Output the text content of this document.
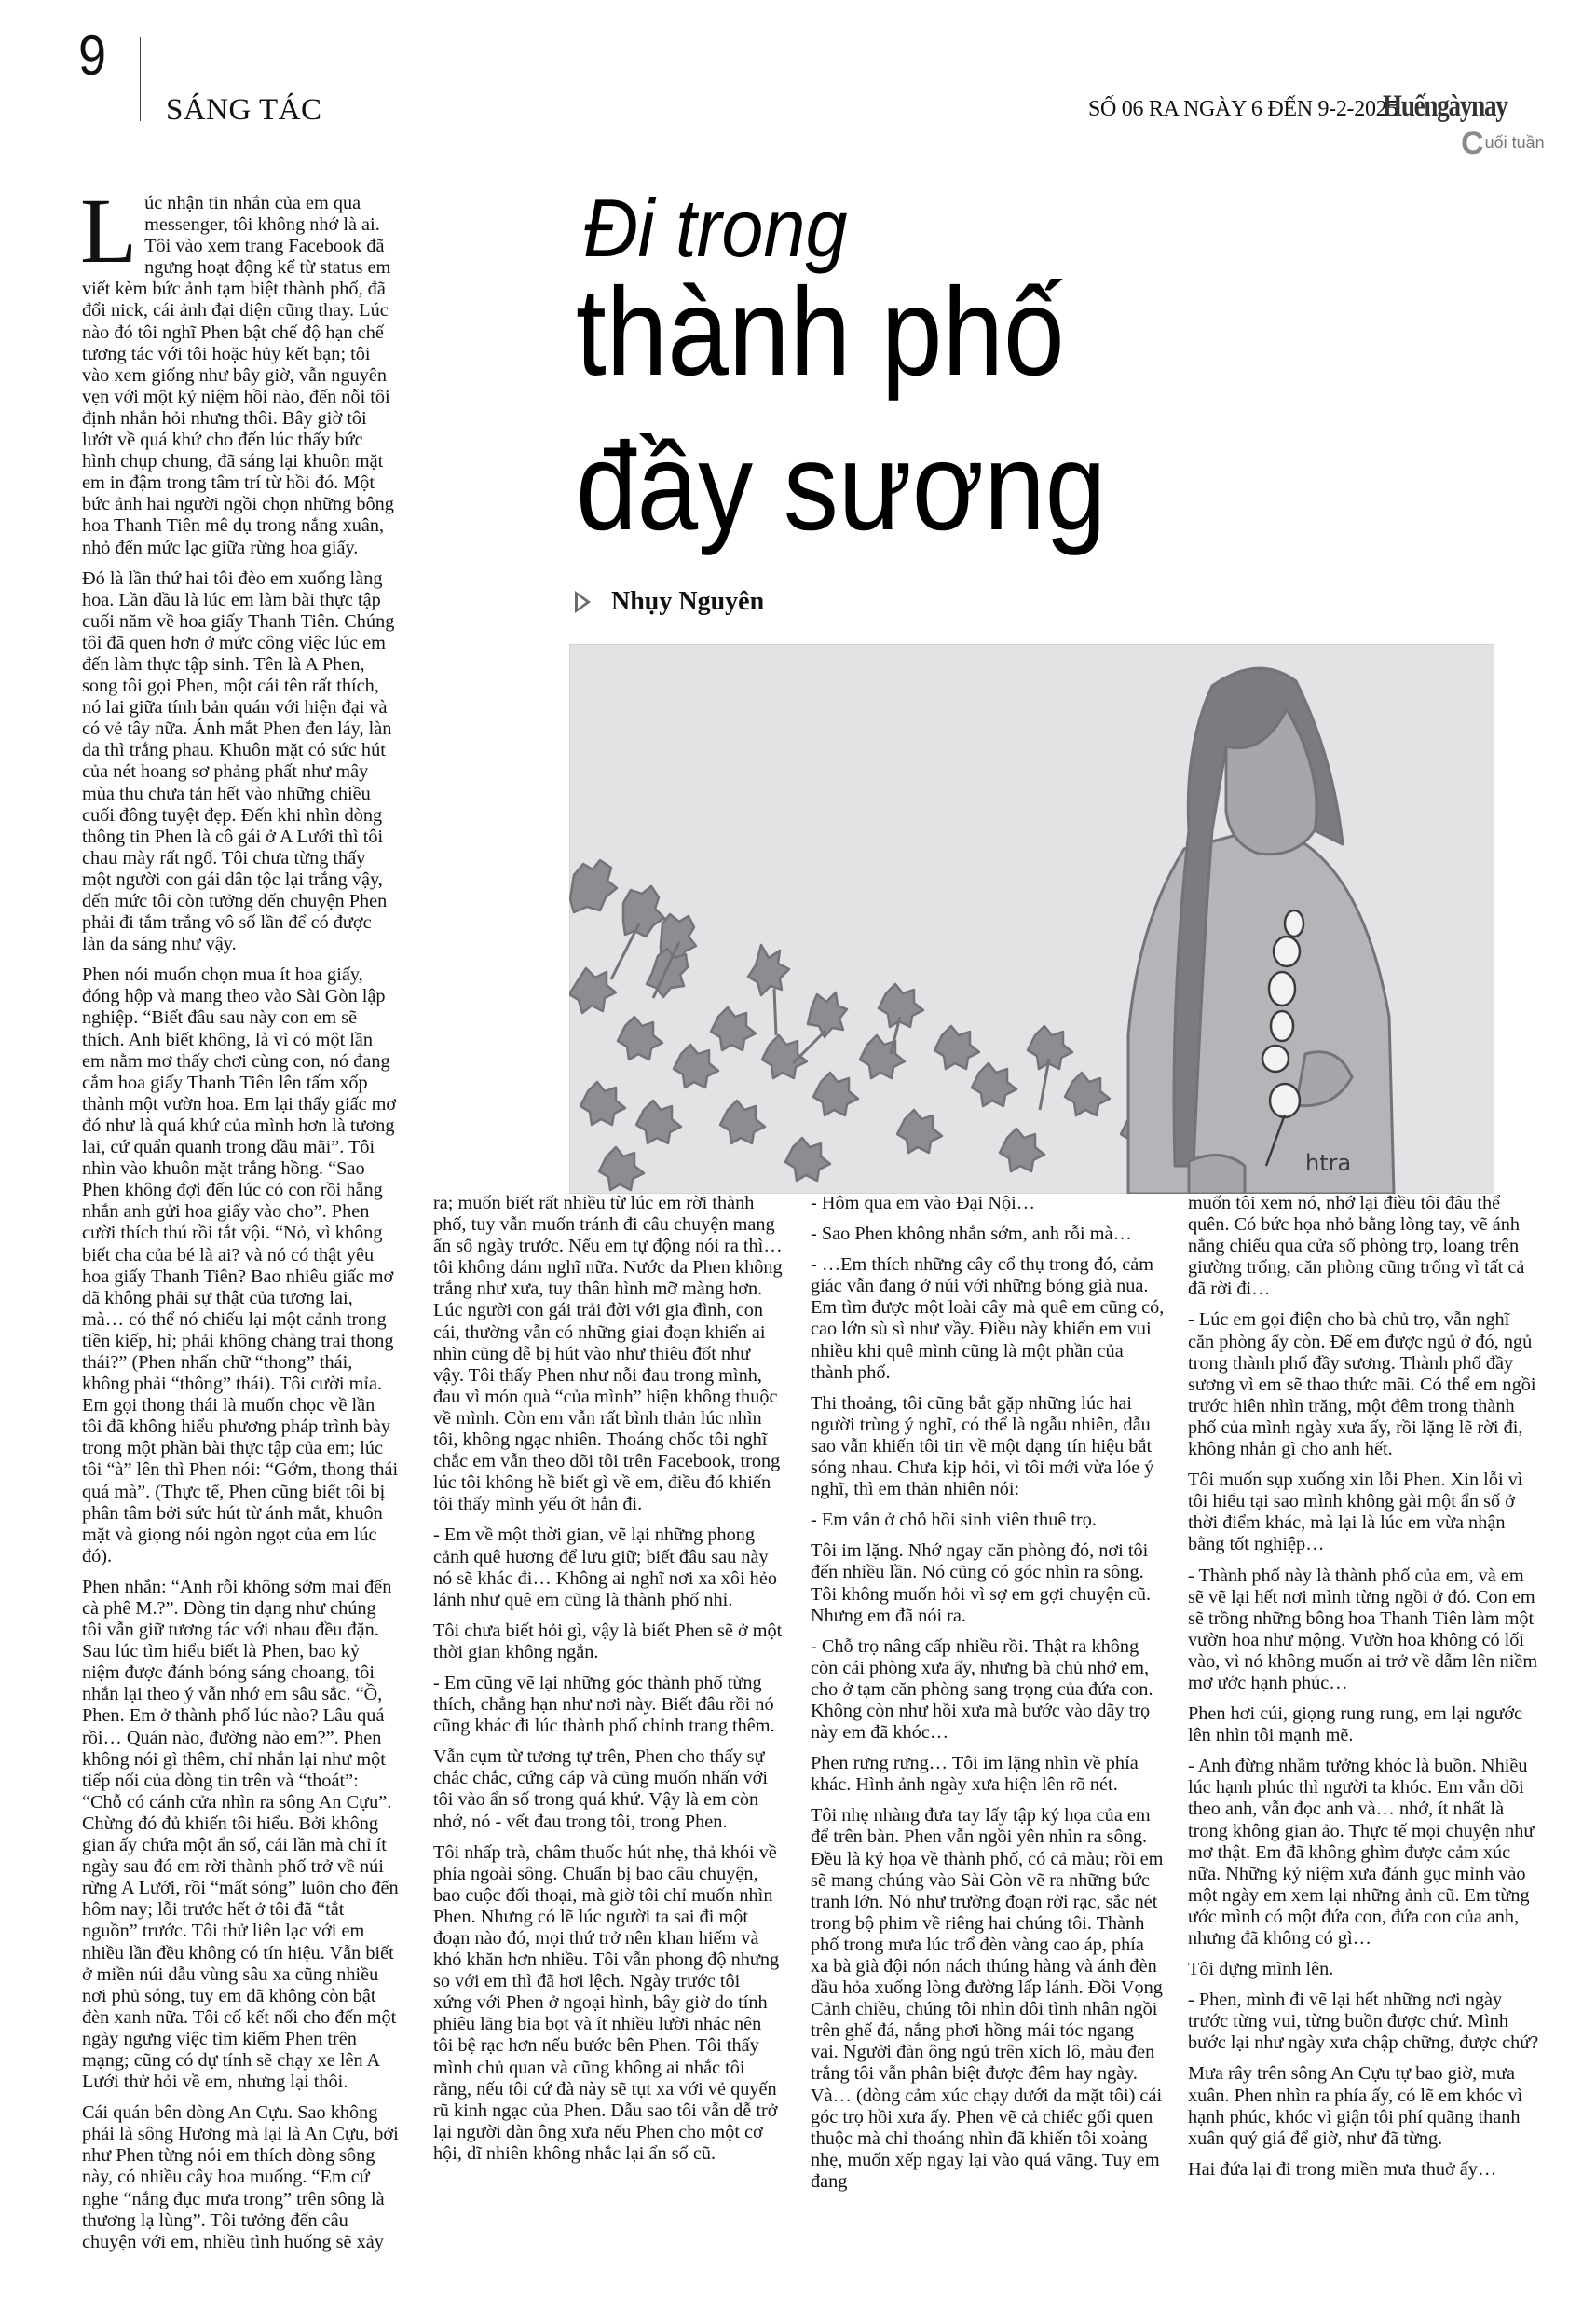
9
SÁNG TÁC	SỐ 06 RA NGÀY 6 ĐẾN 9-2-2025
Huếngàynay
Cuối tuần
Đi trong
thành phố
đầy sương
Nhụy Nguyên
htra

Lúc nhận tin nhắn của em qua messenger, tôi không nhớ là ai. Tôi vào xem trang Facebook đã ngưng hoạt động kể từ status em viết kèm bức ảnh tạm biệt thành phố, đã đổi nick, cái ảnh đại diện cũng thay. Lúc nào đó tôi nghĩ Phen bật chế độ hạn chế tương tác với tôi hoặc hủy kết bạn; tôi vào xem giống như bây giờ, vẫn nguyên vẹn với một kỷ niệm hồi nào, đến nỗi tôi định nhắn hỏi nhưng thôi. Bây giờ tôi lướt về quá khứ cho đến lúc thấy bức hình chụp chung, đã sáng lại khuôn mặt em in đậm trong tâm trí từ hồi đó. Một bức ảnh hai người ngồi chọn những bông hoa Thanh Tiên mê dụ trong nắng xuân, nhỏ đến mức lạc giữa rừng hoa giấy.

Đó là lần thứ hai tôi đèo em xuống làng hoa. Lần đầu là lúc em làm bài thực tập cuối năm về hoa giấy Thanh Tiên. Chúng tôi đã quen hơn ở mức công việc lúc em đến làm thực tập sinh. Tên là A Phen, song tôi gọi Phen, một cái tên rất thích, nó lai giữa tính bản quán với hiện đại và có vẻ tây nữa. Ánh mắt Phen đen láy, làn da thì trắng phau. Khuôn mặt có sức hút của nét hoang sơ phảng phất như mây mùa thu chưa tản hết vào những chiều cuối đông tuyệt đẹp. Đến khi nhìn dòng thông tin Phen là cô gái ở A Lưới thì tôi chau mày rất ngố. Tôi chưa từng thấy một người con gái dân tộc lại trắng vậy, đến mức tôi còn tưởng đến chuyện Phen phải đi tắm trắng vô số lần để có được làn da sáng như vậy.

Phen nói muốn chọn mua ít hoa giấy, đóng hộp và mang theo vào Sài Gòn lập nghiệp. “Biết đâu sau này con em sẽ thích. Anh biết không, là vì có một lần em nằm mơ thấy chơi cùng con, nó đang cắm hoa giấy Thanh Tiên lên tấm xốp thành một vườn hoa. Em lại thấy giấc mơ đó như là quá khứ của mình hơn là tương lai, cứ quẩn quanh trong đầu mãi”. Tôi nhìn vào khuôn mặt trắng hồng. “Sao Phen không đợi đến lúc có con rồi hẵng nhắn anh gửi hoa giấy vào cho”. Phen cười thích thú rồi tắt vội. “Nỏ, vì không biết cha của bé là ai? và nó có thật yêu hoa giấy Thanh Tiên? Bao nhiêu giấc mơ đã không phải sự thật của tương lai, mà… có thể nó chiếu lại một cảnh trong tiền kiếp, hì; phải không chàng trai thong thái?” (Phen nhấn chữ “thong” thái, không phải “thông” thái). Tôi cười mỉa. Em gọi thong thái là muốn chọc về lần tôi đã không hiểu phương pháp trình bày trong một phần bài thực tập của em; lúc tôi “à” lên thì Phen nói: “Gớm, thong thái quá mà”. (Thực tế, Phen cũng biết tôi bị phân tâm bởi sức hút từ ánh mắt, khuôn mặt và giọng nói ngòn ngọt của em lúc đó).

Phen nhắn: “Anh rỗi không sớm mai đến cà phê M.?”. Dòng tin dạng như chúng tôi vẫn giữ tương tác với nhau đều đặn. Sau lúc tìm hiểu biết là Phen, bao kỷ niệm được đánh bóng sáng choang, tôi nhắn lại theo ý vẫn nhớ em sâu sắc. “Ồ, Phen. Em ở thành phố lúc nào? Lâu quá rồi… Quán nào, đường nào em?”. Phen không nói gì thêm, chỉ nhắn lại như một tiếp nối của dòng tin trên và “thoát”: “Chỗ có cánh cửa nhìn ra sông An Cựu”. Chừng đó đủ khiến tôi hiểu. Bởi không gian ấy chứa một ẩn số, cái lần mà chỉ ít ngày sau đó em rời thành phố trở về núi rừng A Lưới, rồi “mất sóng” luôn cho đến hôm nay; lỗi trước hết ở tôi đã “tắt nguồn” trước. Tôi thử liên lạc với em nhiều lần đều không có tín hiệu. Vẫn biết ở miền núi dẫu vùng sâu xa cũng nhiều nơi phủ sóng, tuy em đã không còn bật đèn xanh nữa. Tôi cố kết nối cho đến một ngày ngưng việc tìm kiếm Phen trên mạng; cũng có dự tính sẽ chạy xe lên A Lưới thử hỏi về em, nhưng lại thôi.

Cái quán bên dòng An Cựu. Sao không phải là sông Hương mà lại là An Cựu, bởi như Phen từng nói em thích dòng sông này, có nhiều cây hoa muống. “Em cứ nghe “nắng đục mưa trong” trên sông là thương lạ lùng”. Tôi tưởng đến câu chuyện với em, nhiều tình huống sẽ xảy

ra; muốn biết rất nhiều từ lúc em rời thành phố, tuy vẫn muốn tránh đi câu chuyện mang ẩn số ngày trước. Nếu em tự động nói ra thì… tôi không dám nghĩ nữa. Nước da Phen không trắng như xưa, tuy thân hình mỡ màng hơn. Lúc người con gái trải đời với gia đình, con cái, thường vẫn có những giai đoạn khiến ai nhìn cũng dễ bị hút vào như thiêu đốt như vậy. Tôi thấy Phen như nỗi đau trong mình, đau vì món quà “của mình” hiện không thuộc về mình. Còn em vẫn rất bình thản lúc nhìn tôi, không ngạc nhiên. Thoáng chốc tôi nghĩ chắc em vẫn theo dõi tôi trên Facebook, trong lúc tôi không hề biết gì về em, điều đó khiến tôi thấy mình yếu ớt hẳn đi.

- Em về một thời gian, vẽ lại những phong cảnh quê hương để lưu giữ; biết đâu sau này nó sẽ khác đi… Không ai nghĩ nơi xa xôi hẻo lánh như quê em cũng là thành phố nhỉ.

Tôi chưa biết hỏi gì, vậy là biết Phen sẽ ở một thời gian không ngắn.

- Em cũng vẽ lại những góc thành phố từng thích, chẳng hạn như nơi này. Biết đâu rồi nó cũng khác đi lúc thành phố chỉnh trang thêm.

Vẫn cụm từ tương tự trên, Phen cho thấy sự chắc chắc, cứng cáp và cũng muốn nhấn với tôi vào ẩn số trong quá khứ. Vậy là em còn nhớ, nó - vết đau trong tôi, trong Phen.

Tôi nhấp trà, châm thuốc hút nhẹ, thả khói về phía ngoài sông. Chuẩn bị bao câu chuyện, bao cuộc đối thoại, mà giờ tôi chỉ muốn nhìn Phen. Nhưng có lẽ lúc người ta sai đi một đoạn nào đó, mọi thứ trở nên khan hiếm và khó khăn hơn nhiều. Tôi vẫn phong độ nhưng so với em thì đã hơi lệch. Ngày trước tôi xứng với Phen ở ngoại hình, bây giờ do tính phiêu lãng bia bọt và ít nhiều lười nhác nên tôi bệ rạc hơn nếu bước bên Phen. Tôi thấy mình chủ quan và cũng không ai nhắc tôi rằng, nếu tôi cứ đà này sẽ tụt xa với vẻ quyến rũ kinh ngạc của Phen. Dẫu sao tôi vẫn dễ trở lại người đàn ông xưa nếu Phen cho một cơ hội, dĩ nhiên không nhắc lại ẩn số cũ.

- Hôm qua em vào Đại Nội…

- Sao Phen không nhắn sớm, anh rỗi mà…

- …Em thích những cây cổ thụ trong đó, cảm giác vẫn đang ở núi với những bóng già nua. Em tìm được một loài cây mà quê em cũng có, cao lớn sù sì như vầy. Điều này khiến em vui nhiều khi quê mình cũng là một phần của thành phố.

Thi thoảng, tôi cũng bắt gặp những lúc hai người trùng ý nghĩ, có thể là ngẫu nhiên, dẫu sao vẫn khiến tôi tin về một dạng tín hiệu bắt sóng nhau. Chưa kịp hỏi, vì tôi mới vừa lóe ý nghĩ, thì em thản nhiên nói:

- Em vẫn ở chỗ hồi sinh viên thuê trọ.

Tôi im lặng. Nhớ ngay căn phòng đó, nơi tôi đến nhiều lần. Nó cũng có góc nhìn ra sông. Tôi không muốn hỏi vì sợ em gợi chuyện cũ. Nhưng em đã nói ra.

- Chỗ trọ nâng cấp nhiều rồi. Thật ra không còn cái phòng xưa ấy, nhưng bà chủ nhớ em, cho ở tạm căn phòng sang trọng của đứa con. Không còn như hồi xưa mà bước vào dãy trọ này em đã khóc…

Phen rưng rưng… Tôi im lặng nhìn về phía khác. Hình ảnh ngày xưa hiện lên rõ nét.

Tôi nhẹ nhàng đưa tay lấy tập ký họa của em để trên bàn. Phen vẫn ngồi yên nhìn ra sông. Đều là ký họa về thành phố, có cả màu; rồi em sẽ mang chúng vào Sài Gòn vẽ ra những bức tranh lớn. Nó như trường đoạn rời rạc, sắc nét trong bộ phim về riêng hai chúng tôi. Thành phố trong mưa lúc trổ đèn vàng cao áp, phía xa bà già đội nón nách thúng hàng và ánh đèn dầu hỏa xuống lòng đường lấp lánh. Đồi Vọng Cảnh chiều, chúng tôi nhìn đôi tình nhân ngồi trên ghế đá, nắng phơi hồng mái tóc ngang vai. Người đàn ông ngủ trên xích lô, màu đen trắng tôi vẫn phân biệt được đêm hay ngày. Và… (dòng cảm xúc chạy dưới da mặt tôi) cái góc trọ hồi xưa ấy. Phen vẽ cả chiếc gối quen thuộc mà chỉ thoáng nhìn đã khiến tôi xoàng nhẹ, muốn xếp ngay lại vào quá vãng. Tuy em đang

muốn tôi xem nó, nhớ lại điều tôi đâu thể quên. Có bức họa nhỏ bằng lòng tay, vẽ ánh nắng chiếu qua cửa sổ phòng trọ, loang trên giường trống, căn phòng cũng trống vì tất cả đã rời đi…

- Lúc em gọi điện cho bà chủ trọ, vẫn nghĩ căn phòng ấy còn. Để em được ngủ ở đó, ngủ trong thành phố đầy sương. Thành phố đầy sương vì em sẽ thao thức mãi. Có thể em ngồi trước hiên nhìn trăng, một đêm trong thành phố của mình ngày xưa ấy, rồi lặng lẽ rời đi, không nhắn gì cho anh hết.

Tôi muốn sụp xuống xin lỗi Phen. Xin lỗi vì tôi hiểu tại sao mình không gài một ẩn số ở thời điểm khác, mà lại là lúc em vừa nhận bằng tốt nghiệp…

- Thành phố này là thành phố của em, và em sẽ vẽ lại hết nơi mình từng ngồi ở đó. Con em sẽ trồng những bông hoa Thanh Tiên làm một vườn hoa như mộng. Vườn hoa không có lối vào, vì nó không muốn ai trở về dẫm lên niềm mơ ước hạnh phúc…

Phen hơi cúi, giọng rung rung, em lại ngước lên nhìn tôi mạnh mẽ.

- Anh đừng nhầm tưởng khóc là buồn. Nhiều lúc hạnh phúc thì người ta khóc. Em vẫn dõi theo anh, vẫn đọc anh và… nhớ, ít nhất là trong không gian ảo. Thực tế mọi chuyện như mơ thật. Em đã không ghìm được cảm xúc nữa. Những kỷ niệm xưa đánh gục mình vào một ngày em xem lại những ảnh cũ. Em từng ước mình có một đứa con, đứa con của anh, nhưng đã không có gì…

Tôi dựng mình lên.

- Phen, mình đi vẽ lại hết những nơi ngày trước từng vui, từng buồn được chứ. Mình bước lại như ngày xưa chập chững, được chứ?

Mưa rây trên sông An Cựu tự bao giờ, mưa xuân. Phen nhìn ra phía ấy, có lẽ em khóc vì hạnh phúc, khóc vì giận tôi phí quãng thanh xuân quý giá để giờ, như đã từng.

Hai đứa lại đi trong miền mưa thuở ấy…
